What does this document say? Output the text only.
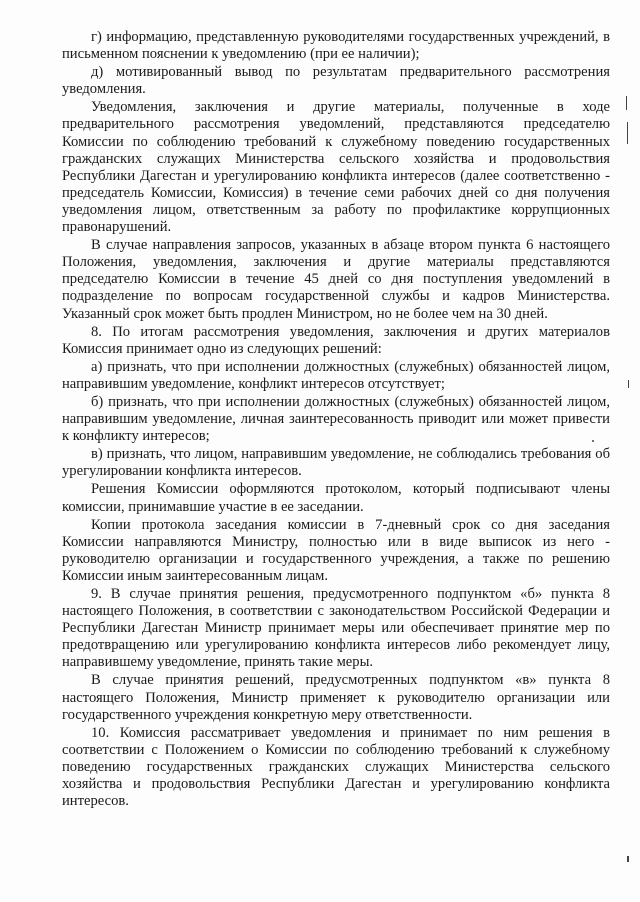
г) информацию, представленную руководителями государственных учреждений, в письменном пояснении к уведомлению (при ее наличии);

д) мотивированный вывод по результатам предварительного рассмотрения уведомления.

Уведомления, заключения и другие материалы, полученные в ходе предварительного рассмотрения уведомлений, представляются председателю Комиссии по соблюдению требований к служебному поведению государственных гражданских служащих Министерства сельского хозяйства и продовольствия Республики Дагестан и урегулированию конфликта интересов (далее соответственно - председатель Комиссии, Комиссия) в течение семи рабочих дней со дня получения уведомления лицом, ответственным за работу по профилактике коррупционных правонарушений.

В случае направления запросов, указанных в абзаце втором пункта 6 настоящего Положения, уведомления, заключения и другие материалы представляются председателю Комиссии в течение 45 дней со дня поступления уведомлений в подразделение по вопросам государственной службы и кадров Министерства. Указанный срок может быть продлен Министром, но не более чем на 30 дней.

8. По итогам рассмотрения уведомления, заключения и других материалов Комиссия принимает одно из следующих решений:

а) признать, что при исполнении должностных (служебных) обязанностей лицом, направившим уведомление, конфликт интересов отсутствует;

б) признать, что при исполнении должностных (служебных) обязанностей лицом, направившим уведомление, личная заинтересованность приводит или может привести к конфликту интересов;

в) признать, что лицом, направившим уведомление, не соблюдались требования об урегулировании конфликта интересов.

Решения Комиссии оформляются протоколом, который подписывают члены комиссии, принимавшие участие в ее заседании.

Копии протокола заседания комиссии в 7-дневный срок со дня заседания Комиссии направляются Министру, полностью или в виде выписок из него - руководителю организации и государственного учреждения, а также по решению Комиссии иным заинтересованным лицам.

9. В случае принятия решения, предусмотренного подпунктом «б» пункта 8 настоящего Положения, в соответствии с законодательством Российской Федерации и Республики Дагестан Министр принимает меры или обеспечивает принятие мер по предотвращению или урегулированию конфликта интересов либо рекомендует лицу, направившему уведомление, принять такие меры.

В случае принятия решений, предусмотренных подпунктом «в» пункта 8 настоящего Положения, Министр применяет к руководителю организации или государственного учреждения конкретную меру ответственности.

10. Комиссия рассматривает уведомления и принимает по ним решения в соответствии с Положением о Комиссии по соблюдению требований к служебному поведению государственных гражданских служащих Министерства сельского хозяйства и продовольствия Республики Дагестан и урегулированию конфликта интересов.
